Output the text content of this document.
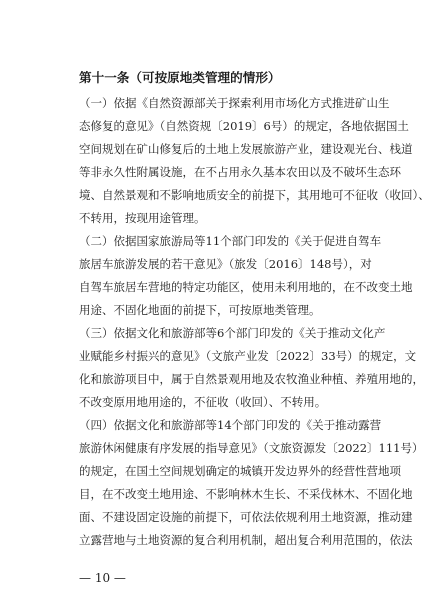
第十一条（可按原地类管理的情形）
（一）依据《自然资源部关于探索利用市场化方式推进矿山生
态修复的意见》（自然资规〔2019〕6号）的规定，各地依据国土
空间规划在矿山修复后的土地上发展旅游产业，建设观光台、栈道
等非永久性附属设施，在不占用永久基本农田以及不破坏生态环
境、自然景观和不影响地质安全的前提下，其用地可不征收（收回）、
不转用，按现用途管理。
（二）依据国家旅游局等11个部门印发的《关于促进自驾车
旅居车旅游发展的若干意见》（旅发〔2016〕148号），对
自驾车旅居车营地的特定功能区，使用未利用地的，在不改变土地
用途、不固化地面的前提下，可按原地类管理。
（三）依据文化和旅游部等6个部门印发的《关于推动文化产
业赋能乡村振兴的意见》（文旅产业发〔2022〕33号）的规定，文
化和旅游项目中，属于自然景观用地及农牧渔业种植、养殖用地的，
不改变原用地用途的，不征收（收回）、不转用。
（四）依据文化和旅游部等14个部门印发的《关于推动露营
旅游休闲健康有序发展的指导意见》（文旅资源发〔2022〕111号）
的规定，在国土空间规划确定的城镇开发边界外的经营性营地项
目，在不改变土地用途、不影响林木生长、不采伐林木、不固化地
面、不建设固定设施的前提下，可依法依规利用土地资源，推动建
立露营地与土地资源的复合利用机制，超出复合利用范围的，依法
— 10 —
